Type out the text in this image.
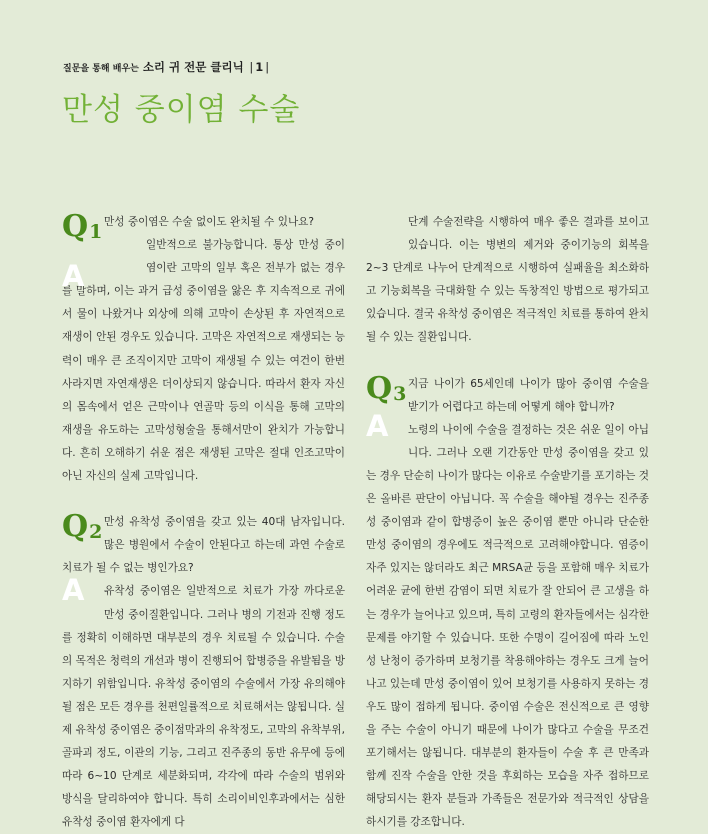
질문을 통해 배우는 소리 귀 전문 클리닉 | 1 |
만성 중이염 수술

$Q_1$ 만성 중이염은 수술 없이도 완치될 수 있나요?

A
일반적으로 불가능합니다. 통상 만성 중이염이란 고막의 일부 혹은 전부가 없는 경우를 말하며, 이는 과거 급성 중이염을 앓은 후 지속적으로 귀에서 물이 나왔거나 외상에 의해 고막이 손상된 후 자연적으로 재생이 안된 경우도 있습니다. 고막은 자연적으로 재생되는 능력이 매우 큰 조직이지만 고막이 재생될 수 있는 여건이 한번 사라지면 자연재생은 더이상되지 않습니다. 따라서 환자 자신의 몸속에서 얻은 근막이나 연골막 등의 이식을 통해 고막의 재생을 유도하는 고막성형술을 통해서만이 완치가 가능합니다. 흔히 오해하기 쉬운 점은 재생된 고막은 절대 인조고막이 아닌 자신의 실제 고막입니다.

$Q_2$ 만성 유착성 중이염을 갖고 있는 40대 남자입니다. 많은 병원에서 수술이 안된다고 하는데 과연 수술로 치료가 될 수 없는 병인가요?

A 유착성 중이염은 일반적으로 치료가 가장 까다로운 만성 중이질환입니다. 그러나 병의 기전과 진행 정도를 정확히 이해하면 대부분의 경우 치료될 수 있습니다. 수술의 목적은 청력의 개선과 병이 진행되어 합병증을 유발됨을 방지하기 위함입니다. 유착성 중이염의 수술에서 가장 유의해야될 점은 모든 경우를 천편일률적으로 치료해서는 않됩니다. 실제 유착성 중이염은 중이점막과의 유착정도, 고막의 유착부위, 골파괴 정도, 이관의 기능, 그리고 진주종의 동반 유무에 등에 따라 6~10 단계로 세분화되며, 각각에 따라 수술의 범위와 방식을 달리하여야 합니다. 특히 소리이비인후과에서는 심한 유착성 중이염 환자에게 다

단계 수술전략을 시행하여 매우 좋은 결과를 보이고 있습니다. 이는 병변의 제거와 중이기능의 회복을 2~3 단계로 나누어 단계적으로 시행하여 실패율을 최소화하고 기능회복을 극대화할 수 있는 독창적인 방법으로 평가되고 있습니다. 결국 유착성 중이염은 적극적인 치료를 통하여 완치될 수 있는 질환입니다.

$Q_3$ 지금 나이가 65세인데 나이가 많아 중이염 수술을 받기가 어렵다고 하는데 어떻게 해야 합니까?

A 노령의 나이에 수술을 결정하는 것은 쉬운 일이 아닙니다. 그러나 오랜 기간동안 만성 중이염을 갖고 있는 경우 단순히 나이가 많다는 이유로 수술받기를 포기하는 것은 올바른 판단이 아닙니다. 꼭 수술을 해야될 경우는 진주종성 중이염과 같이 합병증이 높은 중이염 뿐만 아니라 단순한 만성 중이염의 경우에도 적극적으로 고려해야합니다. 염증이 자주 있지는 않더라도 최근 MRSA균 등을 포함해 매우 치료가 어려운 균에 한번 감염이 되면 치료가 잘 안되어 큰 고생을 하는 경우가 늘어나고 있으며, 특히 고령의 환자들에서는 심각한 문제를 야기할 수 있습니다. 또한 수명이 길어짐에 따라 노인성 난청이 증가하며 보청기를 착용해야하는 경우도 크게 늘어나고 있는데 만성 중이염이 있어 보청기를 사용하지 못하는 경우도 많이 접하게 됩니다. 중이염 수술은 전신적으로 큰 영향을 주는 수술이 아니기 때문에 나이가 많다고 수술을 무조건 포기해서는 않됩니다. 대부분의 환자들이 수술 후 큰 만족과 함께 진작 수술을 안한 것을 후회하는 모습을 자주 접하므로 해당되시는 환자 분들과 가족들은 전문가와 적극적인 상담을 하시기를 강조합니다.
